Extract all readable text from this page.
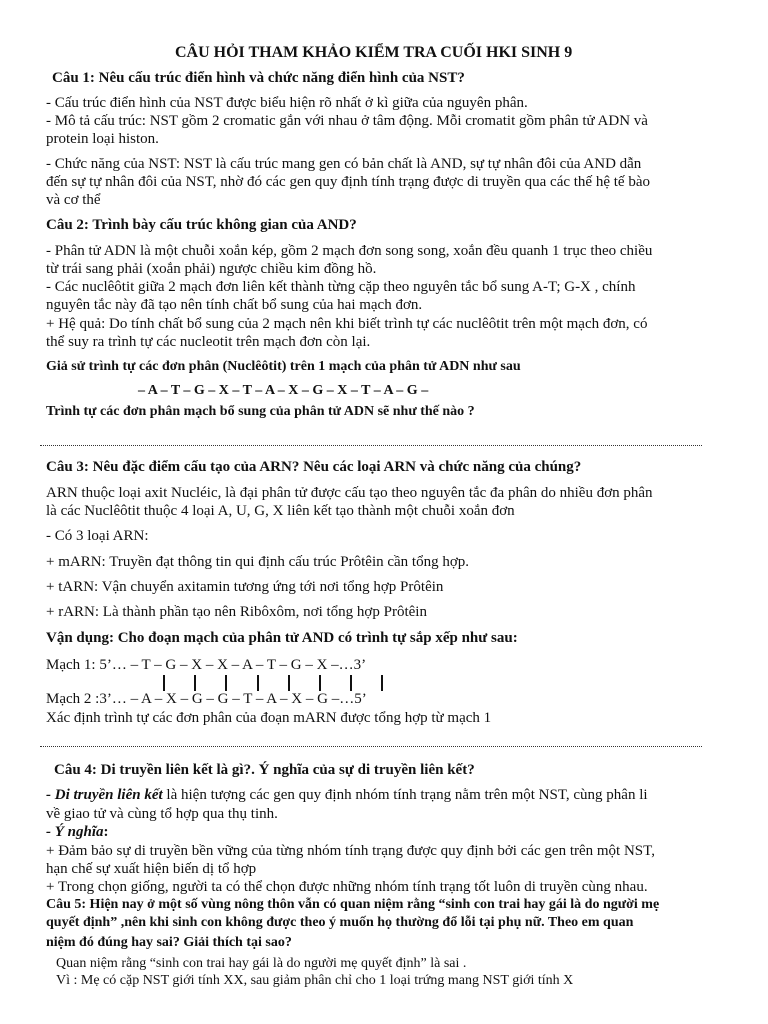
CÂU HỎI THAM KHẢO KIỂM TRA CUỐI HKI SINH 9
Câu 1: Nêu cấu trúc điển hình và chức năng điển hình của NST?
- Cấu trúc điển hình của NST được biểu hiện rõ nhất ở kì giữa của nguyên phân.
- Mô tả cấu trúc: NST gồm 2 cromatic gắn với nhau ở tâm động. Mỗi cromatit gồm phân tử ADN và
protein loại histon.
- Chức năng của NST: NST là cấu trúc mang gen có bản chất là AND, sự tự nhân đôi của AND dẫn
đến sự tự nhân đôi của NST, nhờ đó các gen quy định tính trạng được di truyền qua các thế hệ tế bào
và cơ thể
Câu 2: Trình bày cấu trúc không gian của AND?
- Phân tử ADN là một chuỗi xoắn kép, gồm 2 mạch đơn song song, xoắn đều quanh 1 trục theo chiều
từ trái sang phải (xoắn phải) ngược chiều kim đồng hồ.
- Các nuclêôtit giữa 2 mạch đơn liên kết thành từng cặp theo nguyên tắc bổ sung A-T; G-X , chính
nguyên tắc này đã tạo nên tính chất bổ sung của hai mạch đơn.
+ Hệ quả: Do tính chất bổ sung của 2 mạch nên khi biết trình tự các nuclêôtit trên một mạch đơn, có
thể suy ra trình tự các nucleotit trên mạch đơn còn lại.
Giả sử trình tự các đơn phân (Nuclêôtit) trên 1 mạch của phân tử ADN như sau
– A – T – G – X – T – A – X – G – X – T – A – G –
Trình tự các đơn phân mạch bổ sung của phân tử ADN sẽ như thế nào ?
Câu 3: Nêu đặc điểm cấu tạo của ARN? Nêu các loại ARN và chức năng của chúng?
ARN thuộc loại axit Nucléic, là đại phân tử được cấu tạo theo nguyên tắc đa phân do nhiều đơn phân
là các Nuclêôtit thuộc 4 loại A, U, G, X liên kết tạo thành một chuỗi xoắn đơn
- Có 3 loại ARN:
+ mARN: Truyền đạt thông tin qui định cấu trúc Prôtêin cần tổng hợp.
+ tARN: Vận chuyển axitamin tương ứng tới nơi tổng hợp Prôtêin
+ rARN: Là thành phần tạo nên Ribôxôm, nơi tổng hợp Prôtêin
Vận dụng: Cho đoạn mạch của phân tử AND có trình tự sắp xếp như sau:
Mạch 1: 5’… – T – G – X – X – A – T – G – X –…3’
Mạch 2 :3’… – A – X – G – G – T – A – X – G –…5’
Xác định trình tự các đơn phân của đoạn mARN được tổng hợp từ mạch 1
Câu 4: Di truyền liên kết là gì?. Ý nghĩa của sự di truyền liên kết?
- Di truyền liên kết là hiện tượng các gen quy định nhóm tính trạng nằm trên một NST, cùng phân li
về giao tử và cùng tổ hợp qua thụ tinh.
- Ý nghĩa:
+ Đảm bảo sự di truyền bền vững của từng nhóm tính trạng được quy định bởi các gen trên một NST,
hạn chế sự xuất hiện biến dị tổ hợp
+ Trong chọn giống, người ta có thể chọn được những nhóm tính trạng tốt luôn di truyền cùng nhau.
Câu 5: Hiện nay ở một số vùng nông thôn vẫn có quan niệm rằng “sinh con trai hay gái là do người mẹ
quyết định” ,nên khi sinh con không được theo ý muốn họ thường đổ lỗi tại phụ nữ. Theo em quan
niệm đó đúng hay sai? Giải thích tại sao?
Quan niệm rằng “sinh con trai hay gái là do người mẹ quyết định” là sai .
Vì : Mẹ có cặp NST giới tính XX, sau giảm phân chỉ cho 1 loại trứng mang NST giới tính X
